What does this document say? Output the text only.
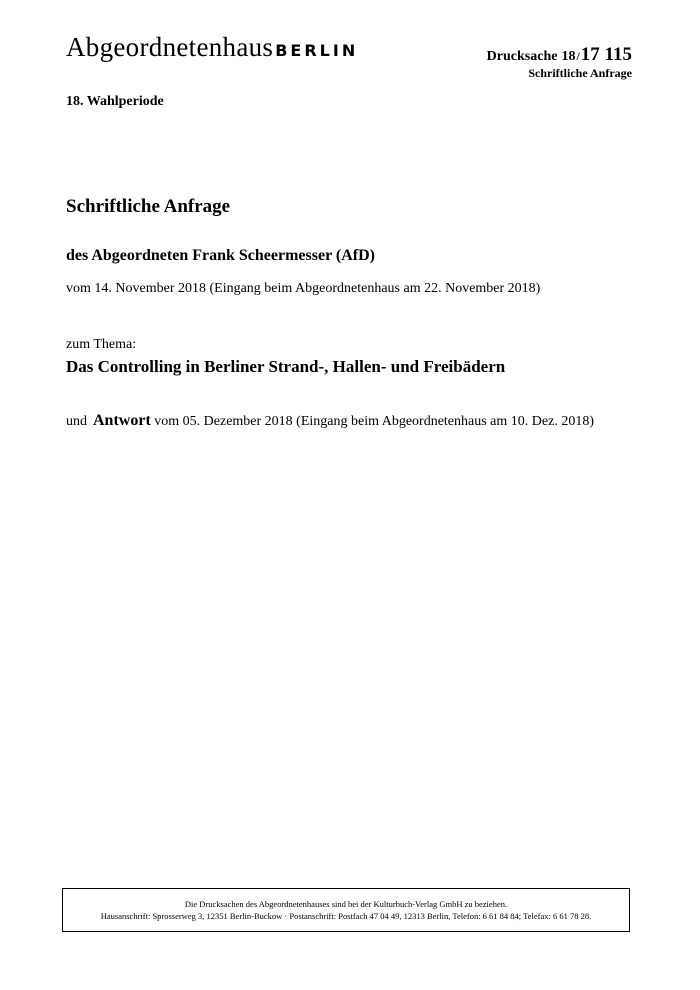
Abgeordnetenhaus BERLIN	Drucksache 18/17 115
Schriftliche Anfrage
18. Wahlperiode
Schriftliche Anfrage
des Abgeordneten Frank Scheermesser (AfD)
vom 14. November 2018 (Eingang beim Abgeordnetenhaus am 22. November 2018)
zum Thema:
Das Controlling in Berliner Strand-, Hallen- und Freibädern
und Antwort vom 05. Dezember 2018 (Eingang beim Abgeordnetenhaus am 10. Dez. 2018)
Die Drucksachen des Abgeordnetenhauses sind bei der Kulturbuch-Verlag GmbH zu beziehen.
Hausanschrift: Sprosserweg 3, 12351 Berlin-Buckow · Postanschrift: Postfach 47 04 49, 12313 Berlin, Telefon: 6 61 84 84; Telefax: 6 61 78 28.
